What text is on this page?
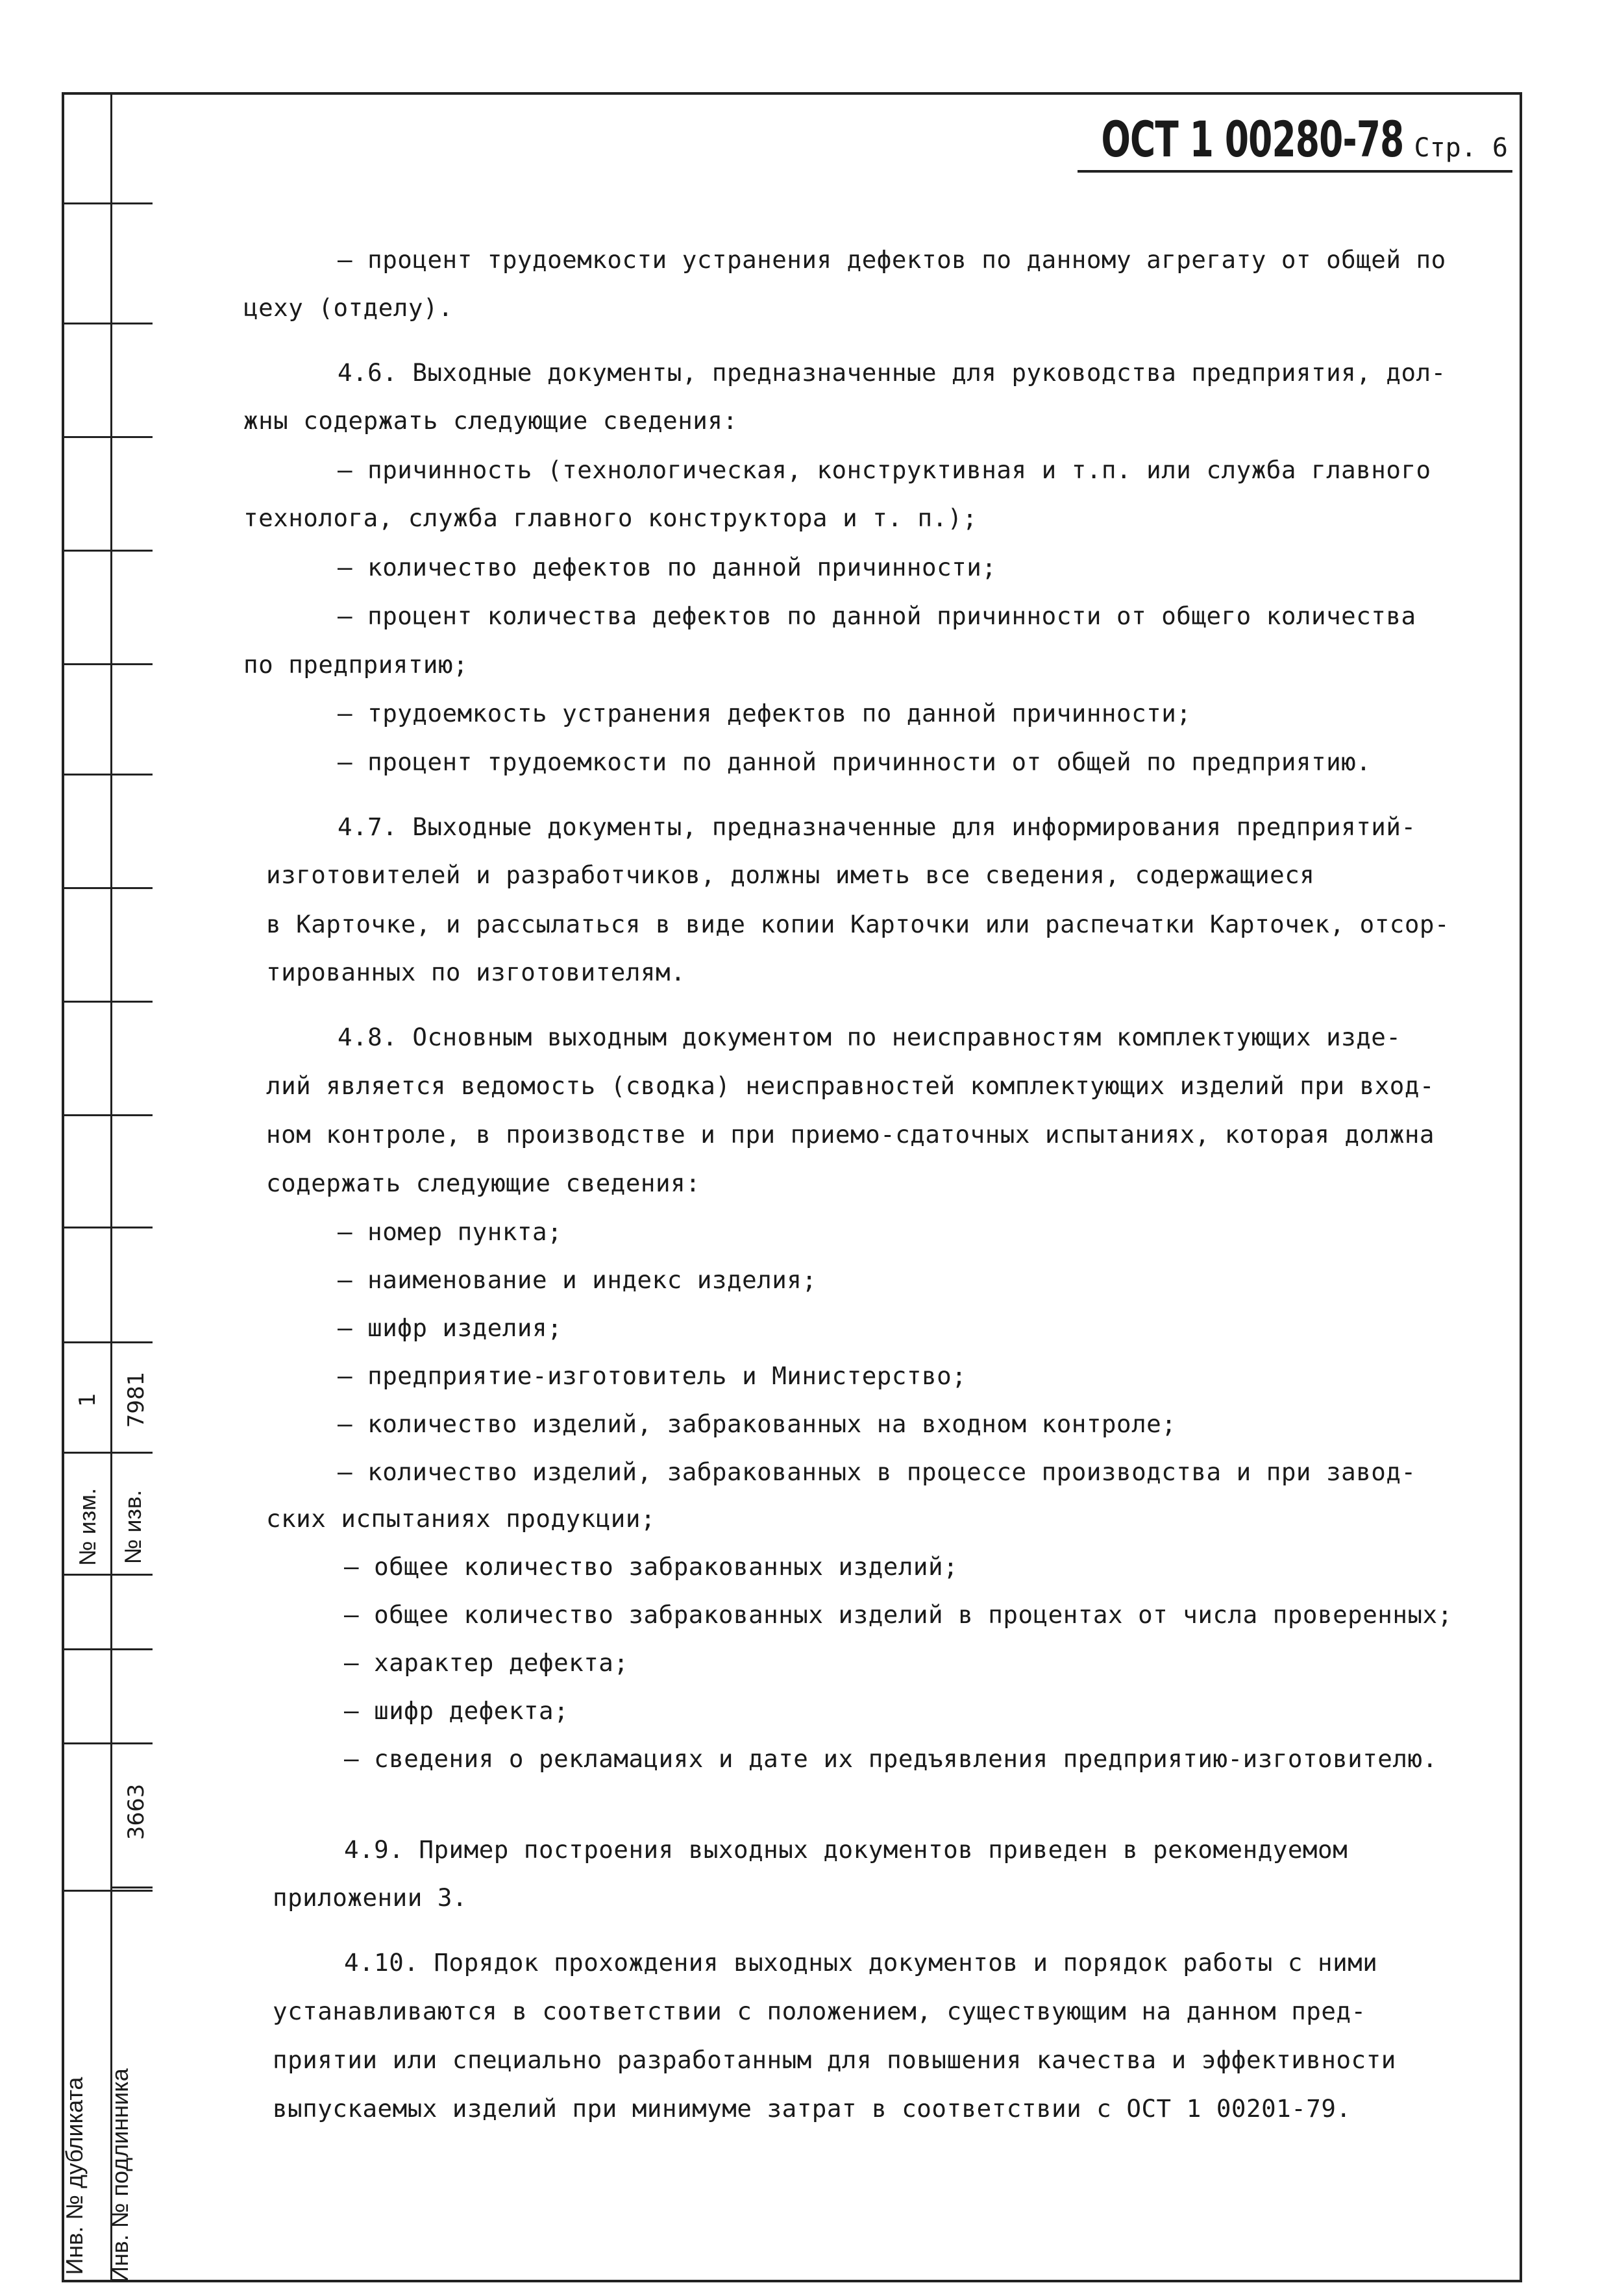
1 7981
№ изм. № изв.
3663
Инв. № дубликата Инв. № подлинника
ОСТ 1 00280-78 Стр. 6
– процент трудоемкости устранения дефектов по данному агрегату от общей по
цеху (отделу).
4.6. Выходные документы, предназначенные для руководства предприятия, дол-
жны содержать следующие сведения:
– причинность (технологическая, конструктивная и т.п. или служба главного
технолога, служба главного конструктора и т. п.);
– количество дефектов по данной причинности;
– процент количества дефектов по данной причинности от общего количества
по предприятию;
– трудоемкость устранения дефектов по данной причинности;
– процент трудоемкости по данной причинности от общей по предприятию.
4.7. Выходные документы, предназначенные для информирования предприятий-
изготовителей и разработчиков, должны иметь все сведения, содержащиеся
в Карточке, и рассылаться в виде копии Карточки или распечатки Карточек, отсор-
тированных по изготовителям.
4.8. Основным выходным документом по неисправностям комплектующих изде-
лий является ведомость (сводка) неисправностей комплектующих изделий при вход-
ном контроле, в производстве и при приемо-сдаточных испытаниях, которая должна
содержать следующие сведения:
– номер пункта;
– наименование и индекс изделия;
– шифр изделия;
– предприятие-изготовитель и Министерство;
– количество изделий, забракованных на входном контроле;
– количество изделий, забракованных в процессе производства и при завод-
ских испытаниях продукции;
– общее количество забракованных изделий;
– общее количество забракованных изделий в процентах от числа проверенных;
– характер дефекта;
– шифр дефекта;
– сведения о рекламациях и дате их предъявления предприятию-изготовителю.
4.9. Пример построения выходных документов приведен в рекомендуемом
приложении 3.
4.10. Порядок прохождения выходных документов и порядок работы с ними
устанавливаются в соответствии с положением, существующим на данном пред-
приятии или специально разработанным для повышения качества и эффективности
выпускаемых изделий при минимуме затрат в соответствии с ОСТ 1 00201-79.
